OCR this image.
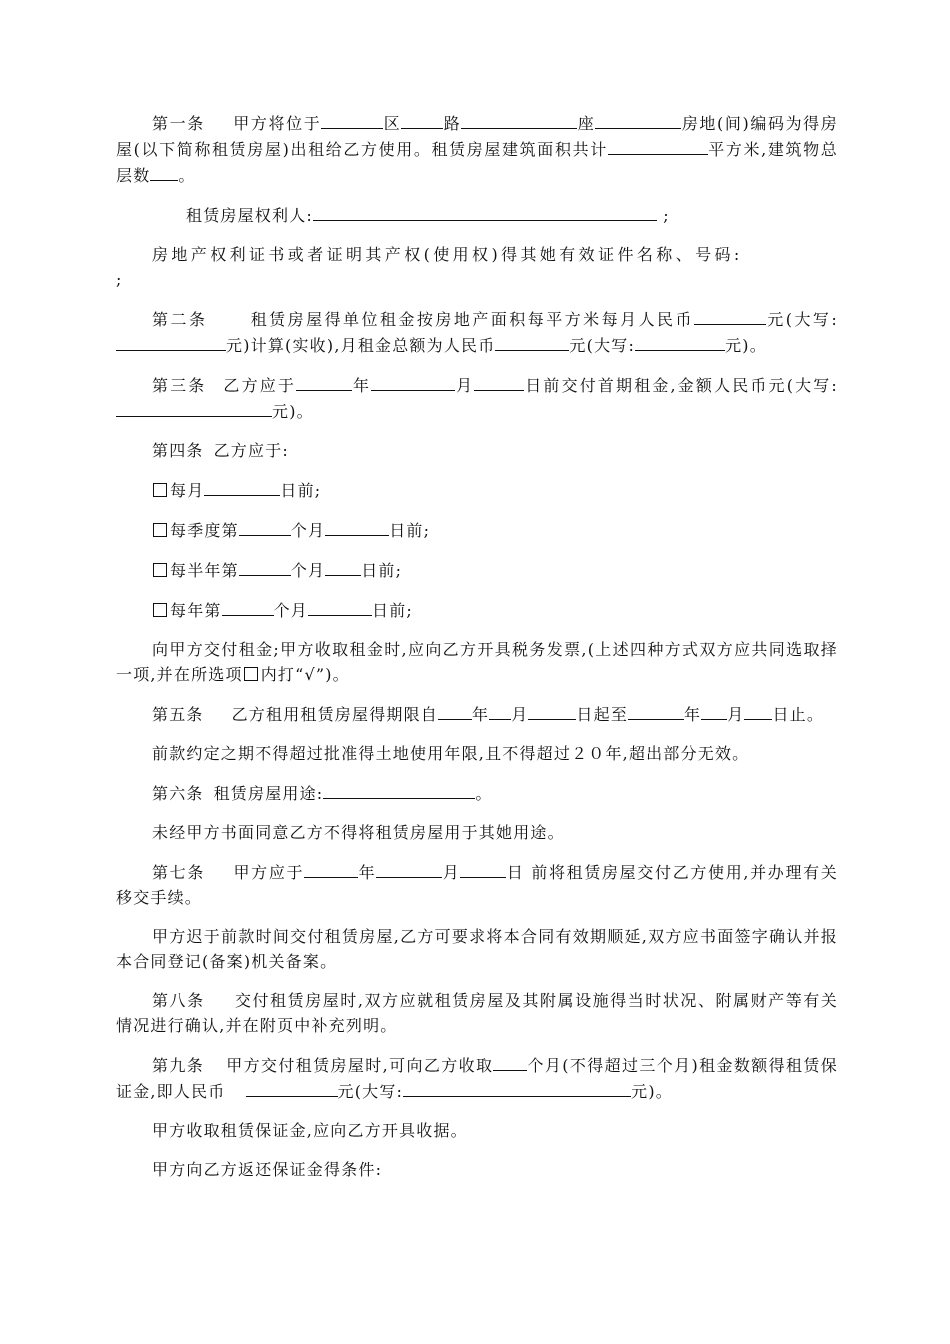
第一条 甲方将位于	区	路	座	房地(间)编码为得房屋(以下简称租赁房屋)出租给乙方使用。租赁房屋建筑面积共计	平方米,建筑物总层数 。

租赁房屋权利人:	;

房地产权利证书或者证明其产权(使用权)得其她有效证件名称、号码:
;

第二条	租赁房屋得单位租金按房地产面积每平方米每月人民币	元(大写:元)计算(实收),月租金总额为人民币	元(大写:	元)。

第三条 乙方应于	年	月	日前交付首期租金,金额人民币元(大写:元)。

第四条 乙方应于:

每月	日前;

每季度第	个月	日前;

每半年第	个月 日前;

每年第	个月	日前;

向甲方交付租金;甲方收取租金时,应向乙方开具税务发票,(上述四种方式双方应共同选取择一项,并在所选项 内打“√”)。

第五条 乙方租用租赁房屋得期限自 年 月	日起至	年 月 日止。

前款约定之期不得超过批准得土地使用年限,且不得超过２０年,超出部分无效。

第六条 租赁房屋用途:	。

未经甲方书面同意乙方不得将租赁房屋用于其她用途。

第七条 甲方应于	年	月	日 前将租赁房屋交付乙方使用,并办理有关移交手续。

甲方迟于前款时间交付租赁房屋,乙方可要求将本合同有效期顺延,双方应书面签字确认并报本合同登记(备案)机关备案。

第八条 交付租赁房屋时,双方应就租赁房屋及其附属设施得当时状况、附属财产等有关情况进行确认,并在附页中补充列明。

第九条 甲方交付租赁房屋时,可向乙方收取 个月(不得超过三个月)租金数额得租赁保证金,即人民币	元(大写:	元)。

甲方收取租赁保证金,应向乙方开具收据。

甲方向乙方返还保证金得条件:
